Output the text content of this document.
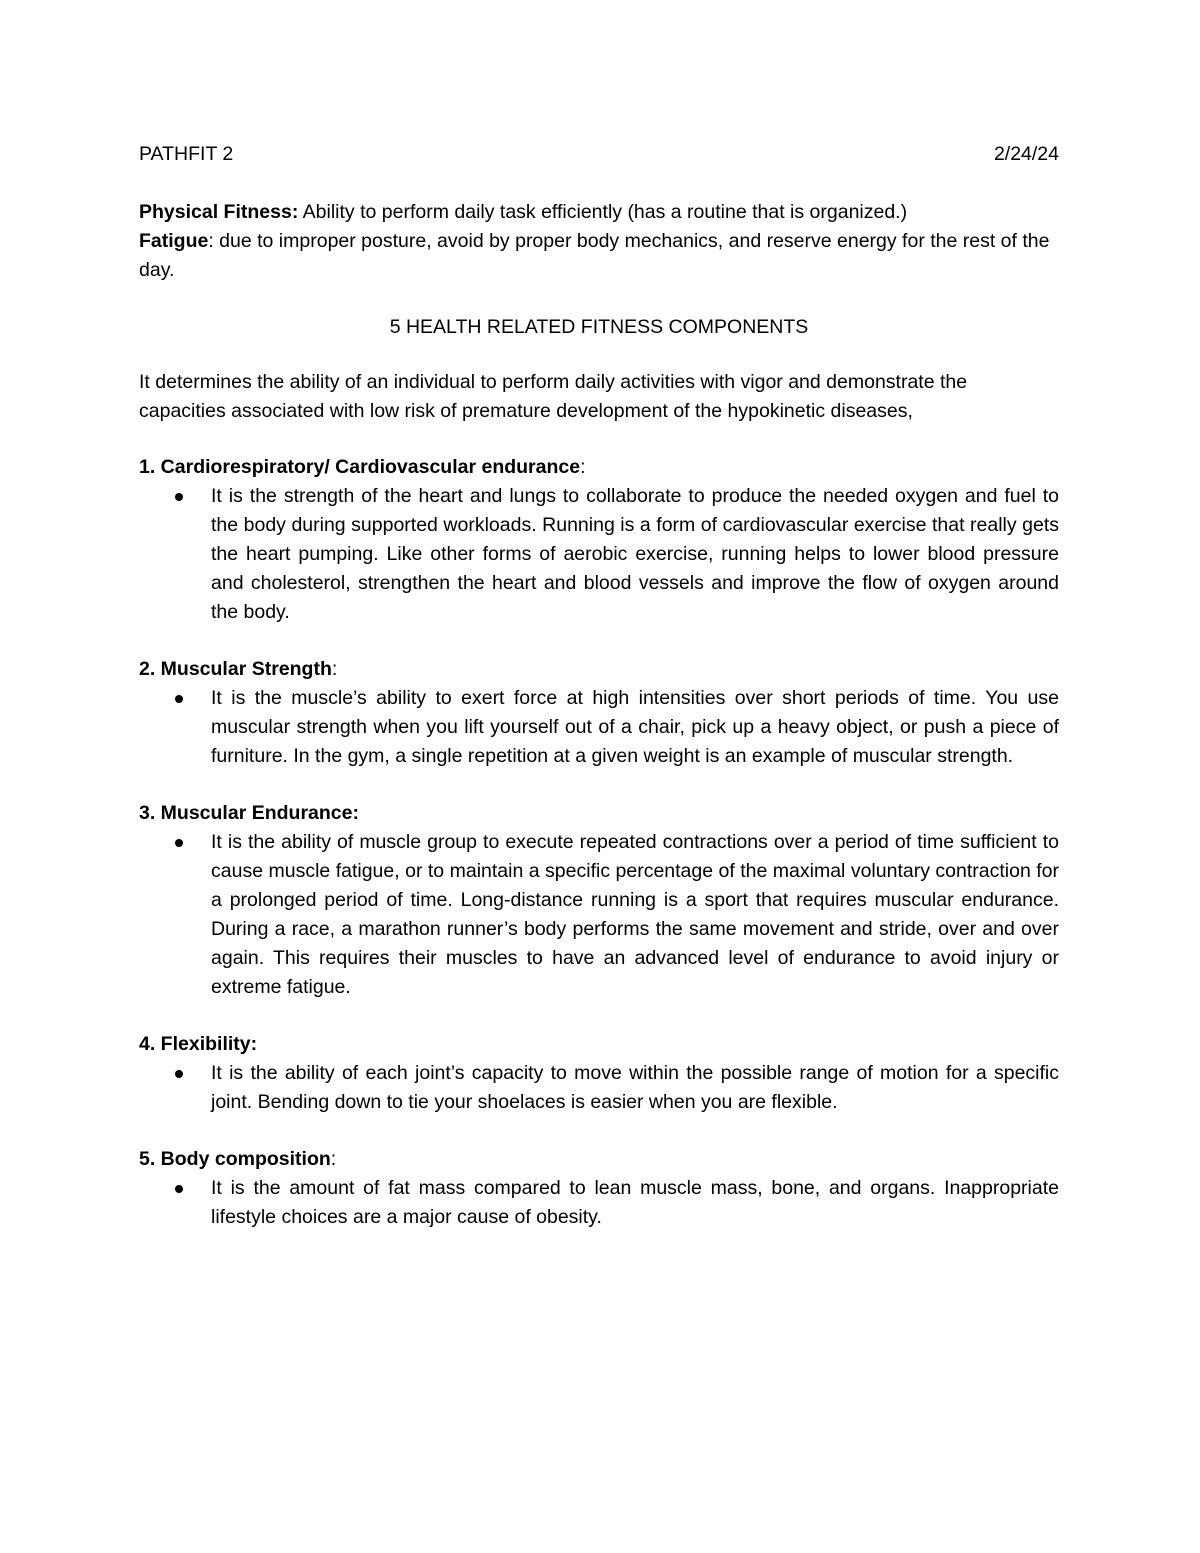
PATHFIT 2	2/24/24

Physical Fitness: Ability to perform daily task efficiently (has a routine that is organized.)

Fatigue: due to improper posture, avoid by proper body mechanics, and reserve energy for the rest of the day.

5 HEALTH RELATED FITNESS COMPONENTS

It determines the ability of an individual to perform daily activities with vigor and demonstrate the capacities associated with low risk of premature development of the hypokinetic diseases,

1. Cardiorespiratory/ Cardiovascular endurance:

It is the strength of the heart and lungs to collaborate to produce the needed oxygen and fuel to the body during supported workloads. Running is a form of cardiovascular exercise that really gets the heart pumping. Like other forms of aerobic exercise, running helps to lower blood pressure and cholesterol, strengthen the heart and blood vessels and improve the flow of oxygen around the body.

2. Muscular Strength:

It is the muscle’s ability to exert force at high intensities over short periods of time. You use muscular strength when you lift yourself out of a chair, pick up a heavy object, or push a piece of furniture. In the gym, a single repetition at a given weight is an example of muscular strength.

3. Muscular Endurance:

It is the ability of muscle group to execute repeated contractions over a period of time sufficient to cause muscle fatigue, or to maintain a specific percentage of the maximal voluntary contraction for a prolonged period of time. Long-distance running is a sport that requires muscular endurance. During a race, a marathon runner’s body performs the same movement and stride, over and over again. This requires their muscles to have an advanced level of endurance to avoid injury or extreme fatigue.

4. Flexibility:

It is the ability of each joint’s capacity to move within the possible range of motion for a specific joint. Bending down to tie your shoelaces is easier when you are flexible.

5. Body composition:

It is the amount of fat mass compared to lean muscle mass, bone, and organs. Inappropriate lifestyle choices are a major cause of obesity.
